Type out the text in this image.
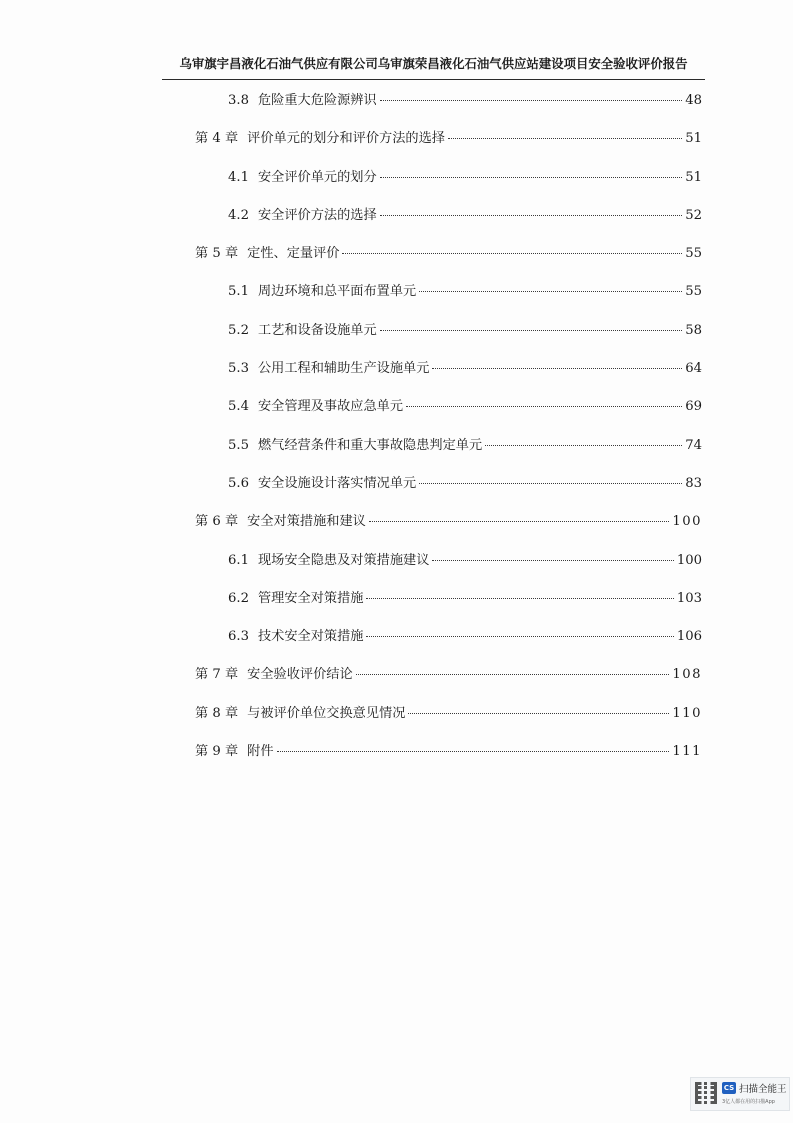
乌审旗宇昌液化石油气供应有限公司乌审旗荣昌液化石油气供应站建设项目安全验收评价报告
3.8 危险重大危险源辨识	48
第 4 章 评价单元的划分和评价方法的选择	51
4.1 安全评价单元的划分	51
4.2 安全评价方法的选择	52
第 5 章 定性、定量评价	55
5.1 周边环境和总平面布置单元	55
5.2 工艺和设备设施单元	58
5.3 公用工程和辅助生产设施单元	64
5.4 安全管理及事故应急单元	69
5.5 燃气经营条件和重大事故隐患判定单元	74
5.6 安全设施设计落实情况单元	83
第 6 章 安全对策措施和建议	100
6.1 现场安全隐患及对策措施建议	100
6.2 管理安全对策措施	103
6.3 技术安全对策措施	106
第 7 章 安全验收评价结论	108
第 8 章 与被评价单位交换意见情况	110
第 9 章 附件	111
CS 扫描全能王
3亿人都在用的扫描App
